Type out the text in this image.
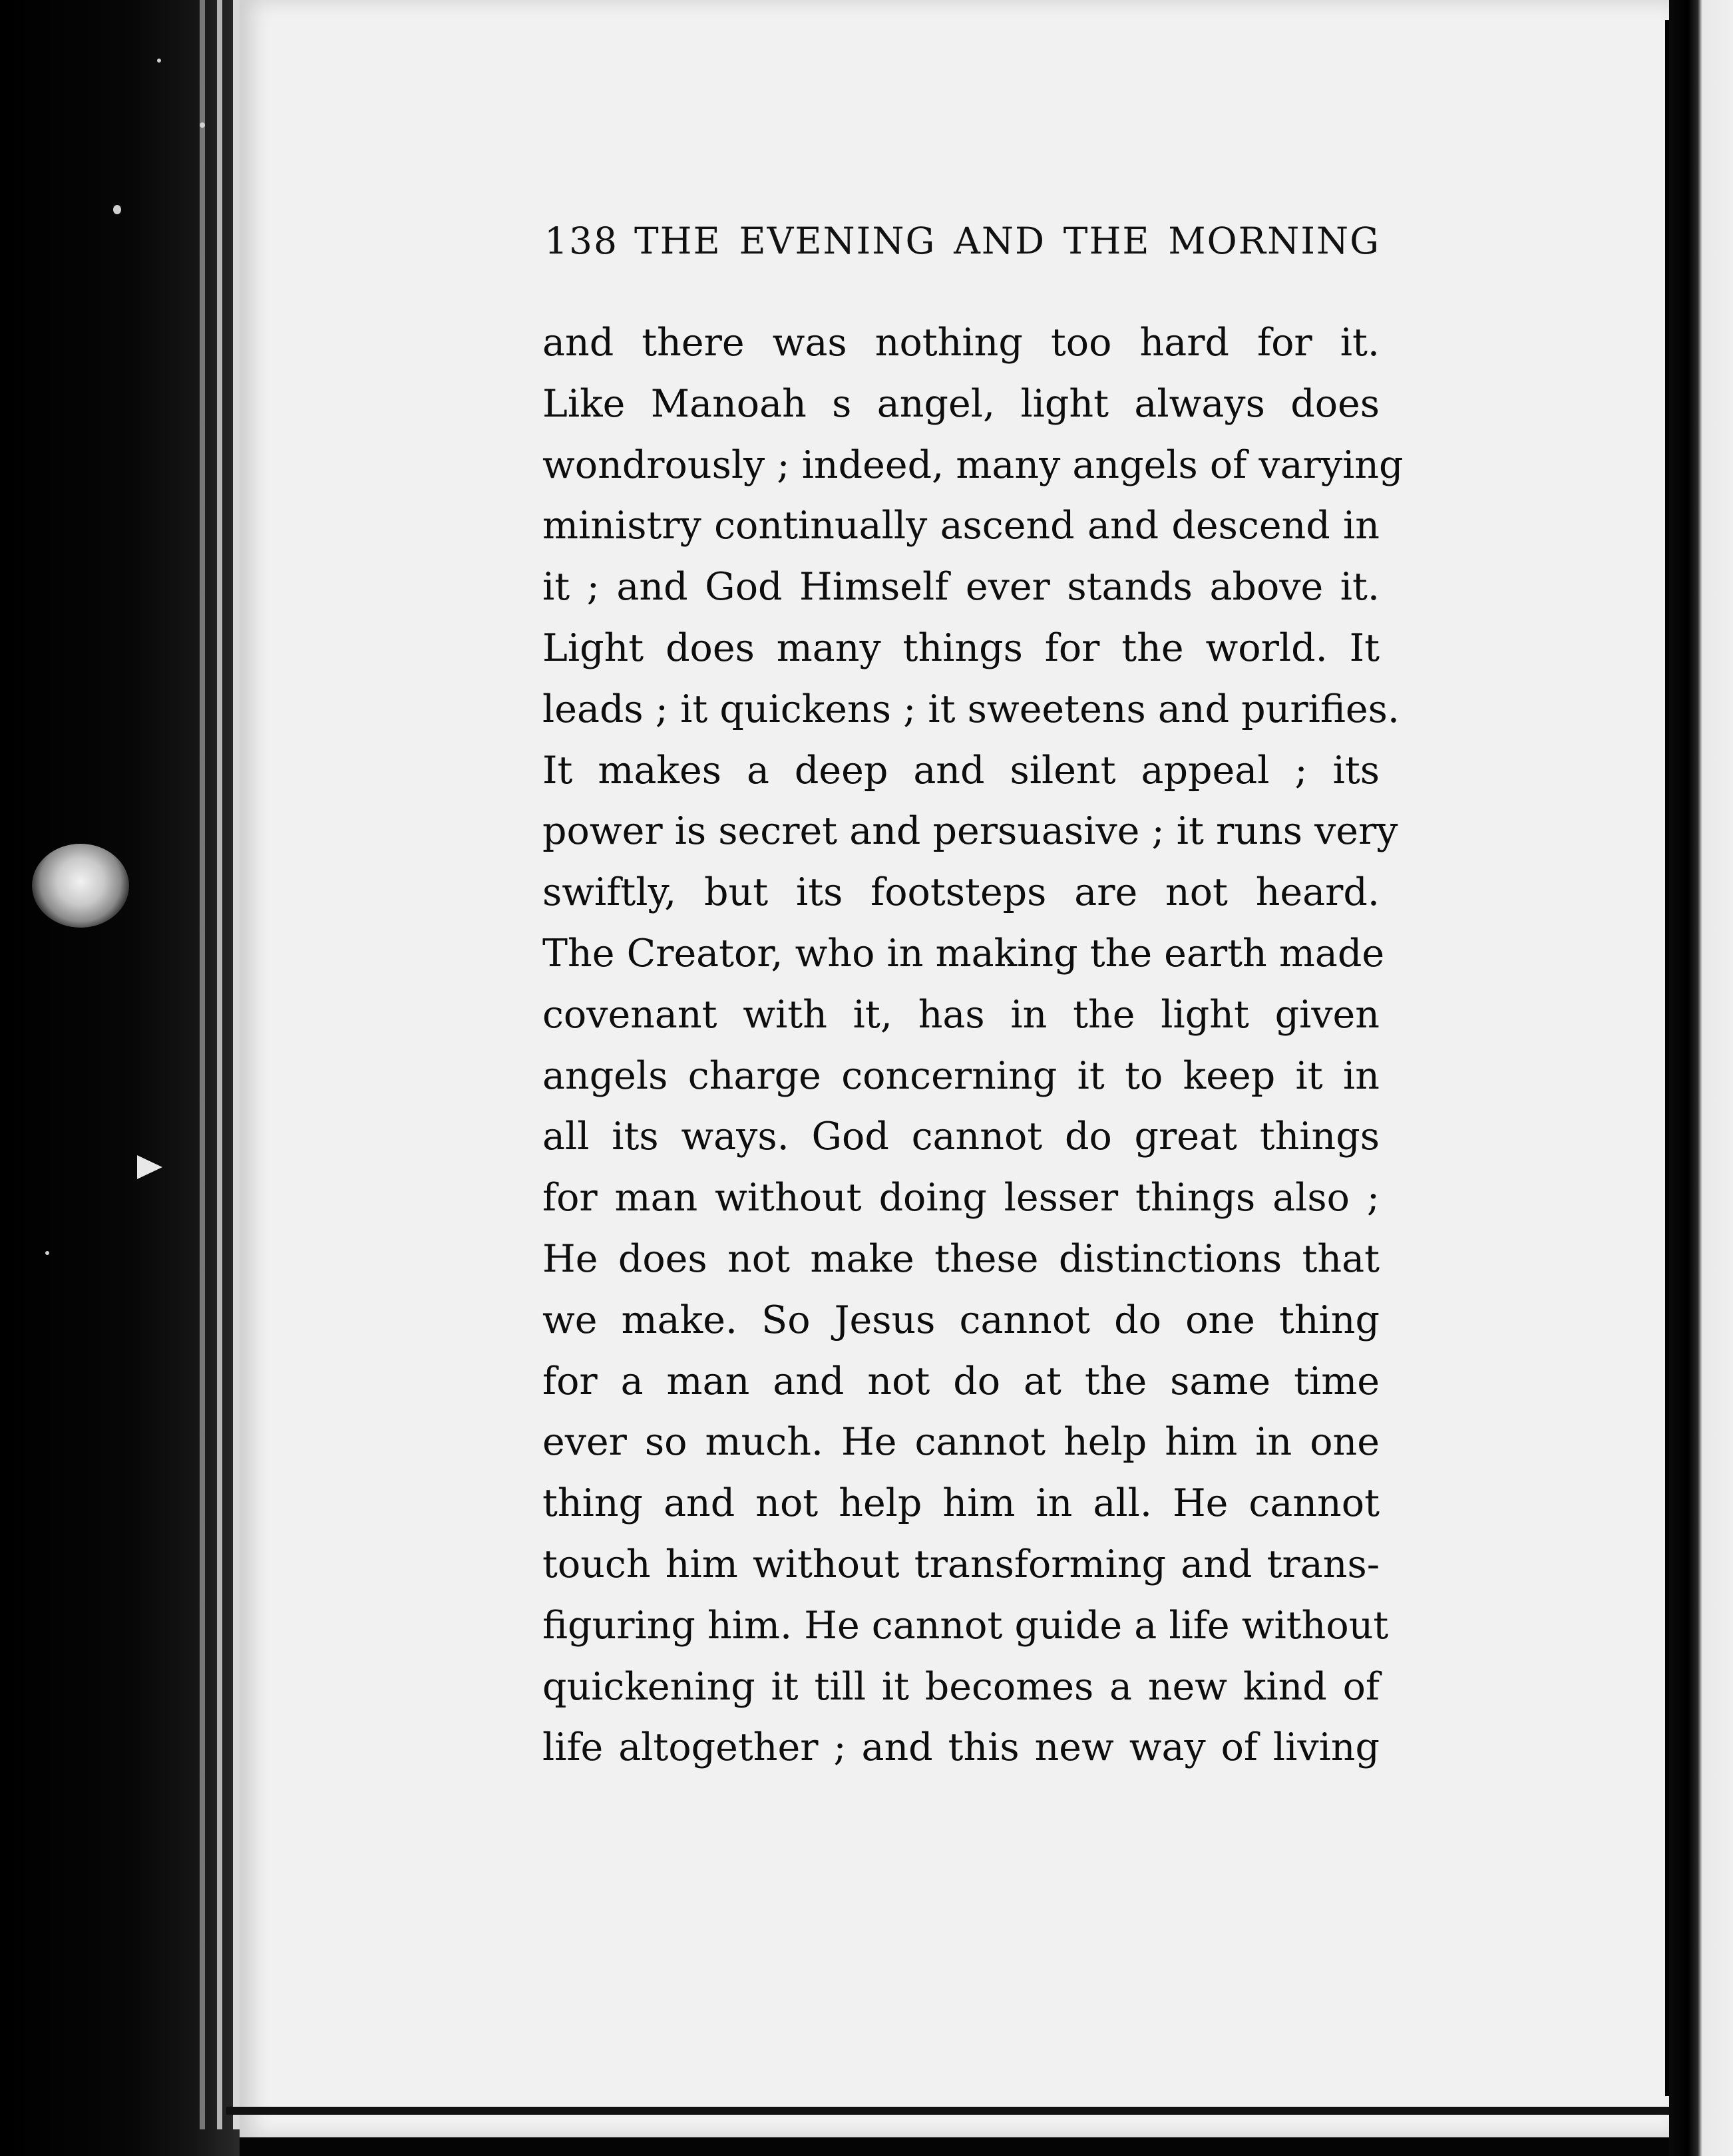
138 THE EVENING AND THE MORNING
and there was nothing too hard for it.
Like Manoah s angel, light always does
wondrously ; indeed, many angels of varying
ministry continually ascend and descend in
it ; and God Himself ever stands above it.
Light does many things for the world. It
leads ; it quickens ; it sweetens and purifies.
It makes a deep and silent appeal ; its
power is secret and persuasive ; it runs very
swiftly, but its footsteps are not heard.
The Creator, who in making the earth made
covenant with it, has in the light given
angels charge concerning it to keep it in
all its ways. God cannot do great things
for man without doing lesser things also ;
He does not make these distinctions that
we make. So Jesus cannot do one thing
for a man and not do at the same time
ever so much. He cannot help him in one
thing and not help him in all. He cannot
touch him without transforming and trans-
figuring him. He cannot guide a life without
quickening it till it becomes a new kind of
life altogether ; and this new way of living
